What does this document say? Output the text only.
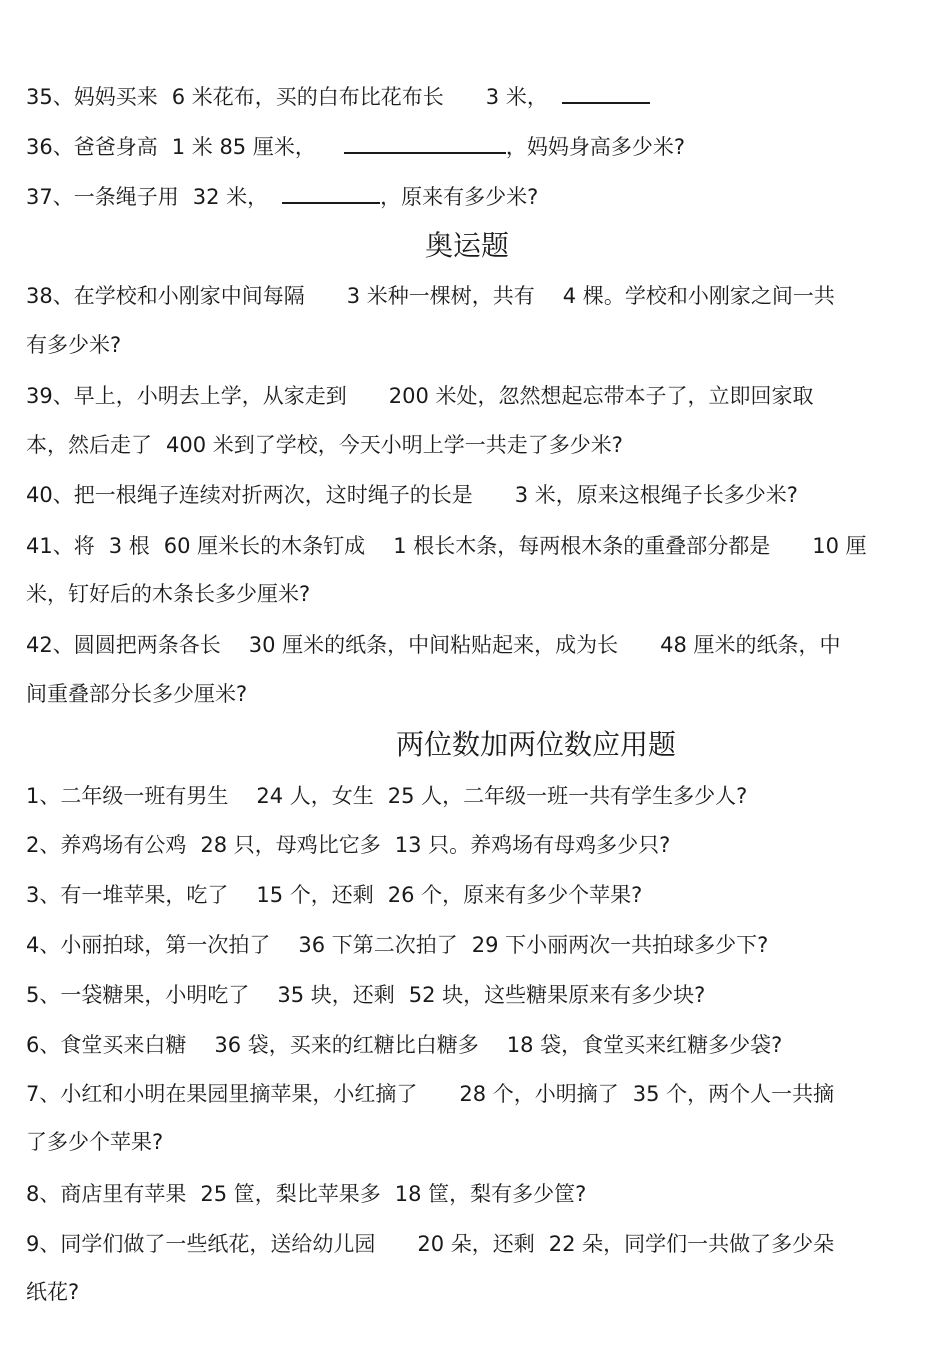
35、妈妈买来 6 米花布，买的白布比花布长 3 米，
36、爸爸身高 1 米 85 厘米，	，妈妈身高多少米?
37、一条绳子用 32 米，	，原来有多少米?
奥运题
38、在学校和小刚家中间每隔 3 米种一棵树，共有 4 棵。学校和小刚家之间一共
有多少米?
39、早上，小明去上学，从家走到 200 米处，忽然想起忘带本子了，立即回家取
本，然后走了 400 米到了学校，今天小明上学一共走了多少米?
40、把一根绳子连续对折两次，这时绳子的长是 3 米，原来这根绳子长多少米?
41、将 3 根 60 厘米长的木条钉成 1 根长木条，每两根木条的重叠部分都是 10 厘
米，钉好后的木条长多少厘米?
42、圆圆把两条各长 30 厘米的纸条，中间粘贴起来，成为长 48 厘米的纸条，中
间重叠部分长多少厘米?
两位数加两位数应用题
1、二年级一班有男生 24 人，女生 25 人，二年级一班一共有学生多少人?
2、养鸡场有公鸡 28 只，母鸡比它多 13 只。养鸡场有母鸡多少只?
3、有一堆苹果，吃了 15 个，还剩 26 个，原来有多少个苹果?
4、小丽拍球，第一次拍了 36 下第二次拍了 29 下小丽两次一共拍球多少下?
5、一袋糖果，小明吃了 35 块，还剩 52 块，这些糖果原来有多少块?
6、食堂买来白糖 36 袋，买来的红糖比白糖多 18 袋，食堂买来红糖多少袋?
7、小红和小明在果园里摘苹果，小红摘了 28 个，小明摘了 35 个，两个人一共摘
了多少个苹果?
8、商店里有苹果 25 筐，梨比苹果多 18 筐，梨有多少筐?
9、同学们做了一些纸花，送给幼儿园 20 朵，还剩 22 朵，同学们一共做了多少朵
纸花?
